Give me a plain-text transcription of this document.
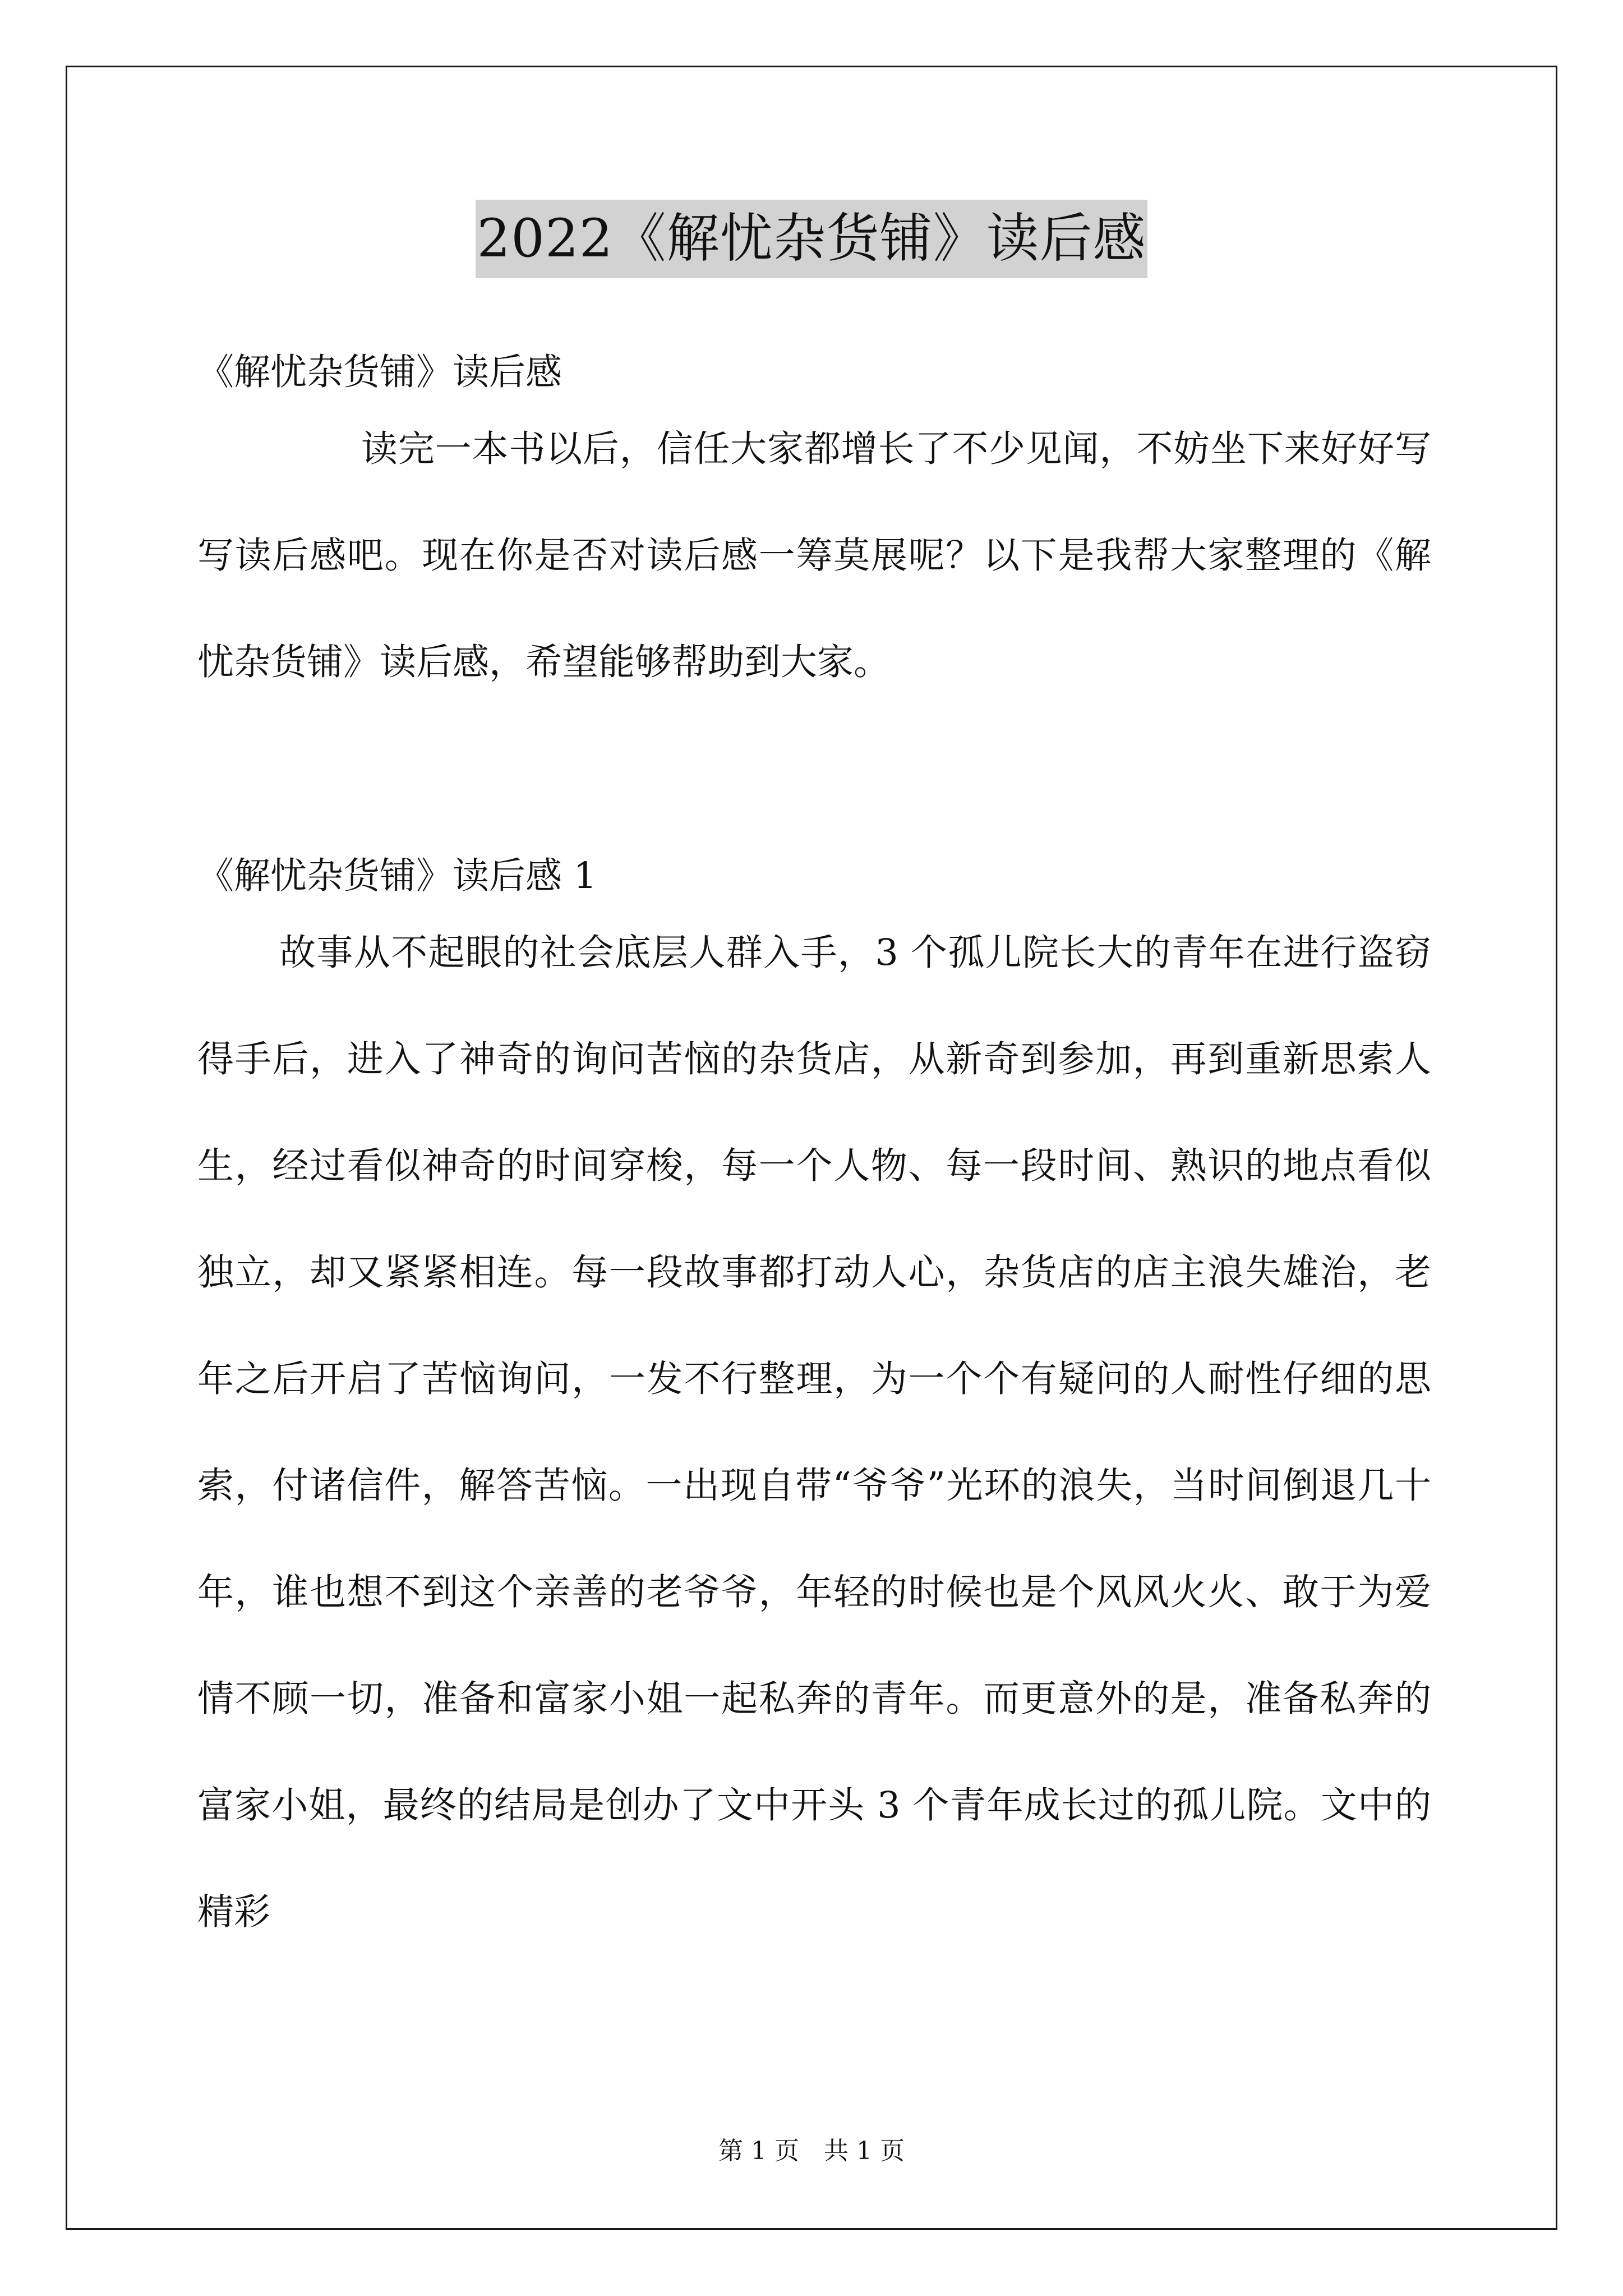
2022《解忧杂货铺》读后感

《解忧杂货铺》读后感

读完一本书以后，信任大家都增长了不少见闻，不妨坐下来好好写写读后感吧。现在你是否对读后感一筹莫展呢？以下是我帮大家整理的《解忧杂货铺》读后感，希望能够帮助到大家。

《解忧杂货铺》读后感 1

故事从不起眼的社会底层人群入手，3 个孤儿院长大的青年在进行盗窃得手后，进入了神奇的询问苦恼的杂货店，从新奇到参加，再到重新思索人生，经过看似神奇的时间穿梭，每一个人物、每一段时间、熟识的地点看似独立，却又紧紧相连。每一段故事都打动人心，杂货店的店主浪失雄治，老年之后开启了苦恼询问，一发不行整理，为一个个有疑问的人耐性仔细的思索，付诸信件，解答苦恼。一出现自带“爷爷”光环的浪失，当时间倒退几十年，谁也想不到这个亲善的老爷爷，年轻的时候也是个风风火火、敢于为爱情不顾一切，准备和富家小姐一起私奔的青年。而更意外的是，准备私奔的富家小姐，最终的结局是创办了文中开头 3 个青年成长过的孤儿院。文中的精彩

第 1 页　共 1 页
